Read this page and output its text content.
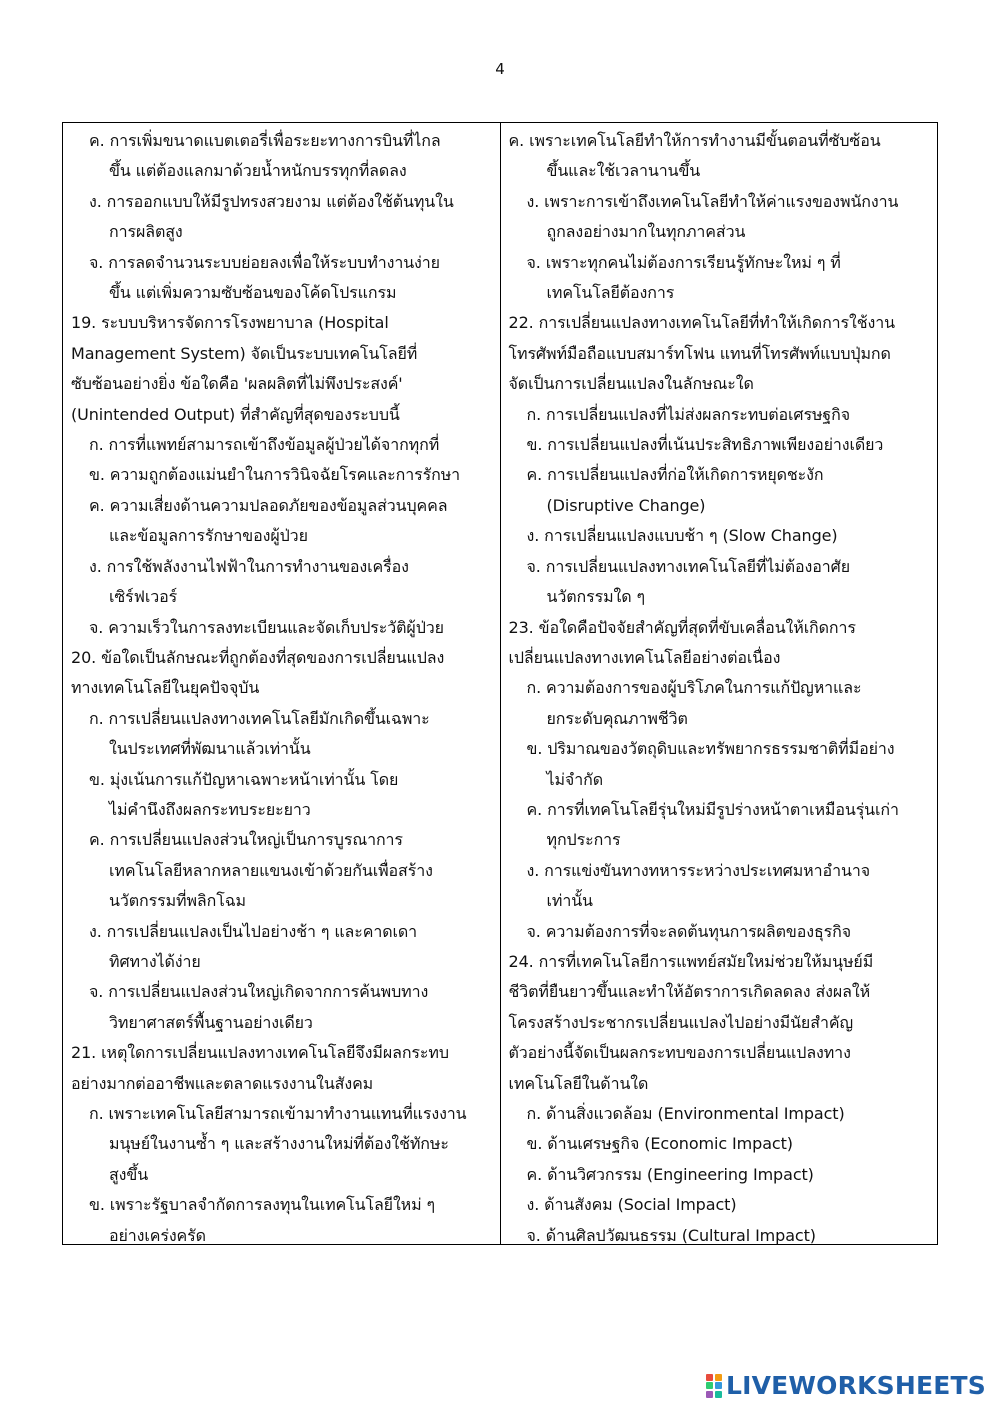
4
ค. การเพิ่มขนาดแบตเตอรี่เพื่อระยะทางการบินที่ไกล
ขึ้น แต่ต้องแลกมาด้วยน้ำหนักบรรทุกที่ลดลง
ง. การออกแบบให้มีรูปทรงสวยงาม แต่ต้องใช้ต้นทุนใน
การผลิตสูง
จ. การลดจำนวนระบบย่อยลงเพื่อให้ระบบทำงานง่าย
ขึ้น แต่เพิ่มความซับซ้อนของโค้ดโปรแกรม
19. ระบบบริหารจัดการโรงพยาบาล (Hospital
Management System) จัดเป็นระบบเทคโนโลยีที่
ซับซ้อนอย่างยิ่ง ข้อใดคือ 'ผลผลิตที่ไม่พึงประสงค์'
(Unintended Output) ที่สำคัญที่สุดของระบบนี้
ก. การที่แพทย์สามารถเข้าถึงข้อมูลผู้ป่วยได้จากทุกที่
ข. ความถูกต้องแม่นยำในการวินิจฉัยโรคและการรักษา
ค. ความเสี่ยงด้านความปลอดภัยของข้อมูลส่วนบุคคล
และข้อมูลการรักษาของผู้ป่วย
ง. การใช้พลังงานไฟฟ้าในการทำงานของเครื่อง
เซิร์ฟเวอร์
จ. ความเร็วในการลงทะเบียนและจัดเก็บประวัติผู้ป่วย
20. ข้อใดเป็นลักษณะที่ถูกต้องที่สุดของการเปลี่ยนแปลง
ทางเทคโนโลยีในยุคปัจจุบัน
ก. การเปลี่ยนแปลงทางเทคโนโลยีมักเกิดขึ้นเฉพาะ
ในประเทศที่พัฒนาแล้วเท่านั้น
ข. มุ่งเน้นการแก้ปัญหาเฉพาะหน้าเท่านั้น โดย
ไม่คำนึงถึงผลกระทบระยะยาว
ค. การเปลี่ยนแปลงส่วนใหญ่เป็นการบูรณาการ
เทคโนโลยีหลากหลายแขนงเข้าด้วยกันเพื่อสร้าง
นวัตกรรมที่พลิกโฉม
ง. การเปลี่ยนแปลงเป็นไปอย่างช้า ๆ และคาดเดา
ทิศทางได้ง่าย
จ. การเปลี่ยนแปลงส่วนใหญ่เกิดจากการค้นพบทาง
วิทยาศาสตร์พื้นฐานอย่างเดียว
21. เหตุใดการเปลี่ยนแปลงทางเทคโนโลยีจึงมีผลกระทบ
อย่างมากต่ออาชีพและตลาดแรงงานในสังคม
ก. เพราะเทคโนโลยีสามารถเข้ามาทำงานแทนที่แรงงาน
มนุษย์ในงานซ้ำ ๆ และสร้างงานใหม่ที่ต้องใช้ทักษะ
สูงขึ้น
ข. เพราะรัฐบาลจำกัดการลงทุนในเทคโนโลยีใหม่ ๆ
อย่างเคร่งครัด
ค. เพราะเทคโนโลยีทำให้การทำงานมีขั้นตอนที่ซับซ้อน
ขึ้นและใช้เวลานานขึ้น
ง. เพราะการเข้าถึงเทคโนโลยีทำให้ค่าแรงของพนักงาน
ถูกลงอย่างมากในทุกภาคส่วน
จ. เพราะทุกคนไม่ต้องการเรียนรู้ทักษะใหม่ ๆ ที่
เทคโนโลยีต้องการ
22. การเปลี่ยนแปลงทางเทคโนโลยีที่ทำให้เกิดการใช้งาน
โทรศัพท์มือถือแบบสมาร์ทโฟน แทนที่โทรศัพท์แบบปุ่มกด
จัดเป็นการเปลี่ยนแปลงในลักษณะใด
ก. การเปลี่ยนแปลงที่ไม่ส่งผลกระทบต่อเศรษฐกิจ
ข. การเปลี่ยนแปลงที่เน้นประสิทธิภาพเพียงอย่างเดียว
ค. การเปลี่ยนแปลงที่ก่อให้เกิดการหยุดชะงัก
(Disruptive Change)
ง. การเปลี่ยนแปลงแบบช้า ๆ (Slow Change)
จ. การเปลี่ยนแปลงทางเทคโนโลยีที่ไม่ต้องอาศัย
นวัตกรรมใด ๆ
23. ข้อใดคือปัจจัยสำคัญที่สุดที่ขับเคลื่อนให้เกิดการ
เปลี่ยนแปลงทางเทคโนโลยีอย่างต่อเนื่อง
ก. ความต้องการของผู้บริโภคในการแก้ปัญหาและ
ยกระดับคุณภาพชีวิต
ข. ปริมาณของวัตถุดิบและทรัพยากรธรรมชาติที่มีอย่าง
ไม่จำกัด
ค. การที่เทคโนโลยีรุ่นใหม่มีรูปร่างหน้าตาเหมือนรุ่นเก่า
ทุกประการ
ง. การแข่งขันทางทหารระหว่างประเทศมหาอำนาจ
เท่านั้น
จ. ความต้องการที่จะลดต้นทุนการผลิตของธุรกิจ
24. การที่เทคโนโลยีการแพทย์สมัยใหม่ช่วยให้มนุษย์มี
ชีวิตที่ยืนยาวขึ้นและทำให้อัตราการเกิดลดลง ส่งผลให้
โครงสร้างประชากรเปลี่ยนแปลงไปอย่างมีนัยสำคัญ
ตัวอย่างนี้จัดเป็นผลกระทบของการเปลี่ยนแปลงทาง
เทคโนโลยีในด้านใด
ก. ด้านสิ่งแวดล้อม (Environmental Impact)
ข. ด้านเศรษฐกิจ (Economic Impact)
ค. ด้านวิศวกรรม (Engineering Impact)
ง. ด้านสังคม (Social Impact)
จ. ด้านศิลปวัฒนธรรม (Cultural Impact)
LIVEWORKSHEETS
